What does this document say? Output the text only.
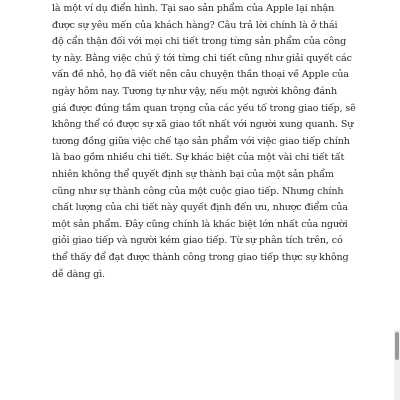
là một ví dụ điển hình. Tại sao sản phẩm của Apple lại nhận
được sự yêu mến của khách hàng? Câu trả lời chính là ở thái
độ cẩn thận đối với mọi chi tiết trong từng sản phẩm của công
ty này. Bằng việc chú ý tới từng chi tiết cũng như giải quyết các
vấn đề nhỏ, họ đã viết nên câu chuyện thần thoại về Apple của
ngày hôm nay. Tương tự như vậy, nếu một người không đánh
giá được đúng tầm quan trọng của các yếu tố trong giao tiếp, sẽ
không thể có được sự xã giao tốt nhất với người xung quanh. Sự
tương đồng giữa việc chế tạo sản phẩm với việc giao tiếp chính
là bao gồm nhiều chi tiết. Sự khác biệt của một vài chi tiết tất
nhiên không thể quyết định sự thành bại của một sản phẩm
cũng như sự thành công của một cuộc giao tiếp. Nhưng chính
chất lượng của chi tiết này quyết định đến ưu, nhược điểm của
một sản phẩm. Đây cũng chính là khác biệt lớn nhất của người
giỏi giao tiếp và người kém giao tiếp. Từ sự phân tích trên, có
thể thấy để đạt được thành công trong giao tiếp thực sự không
dễ dàng gì.
